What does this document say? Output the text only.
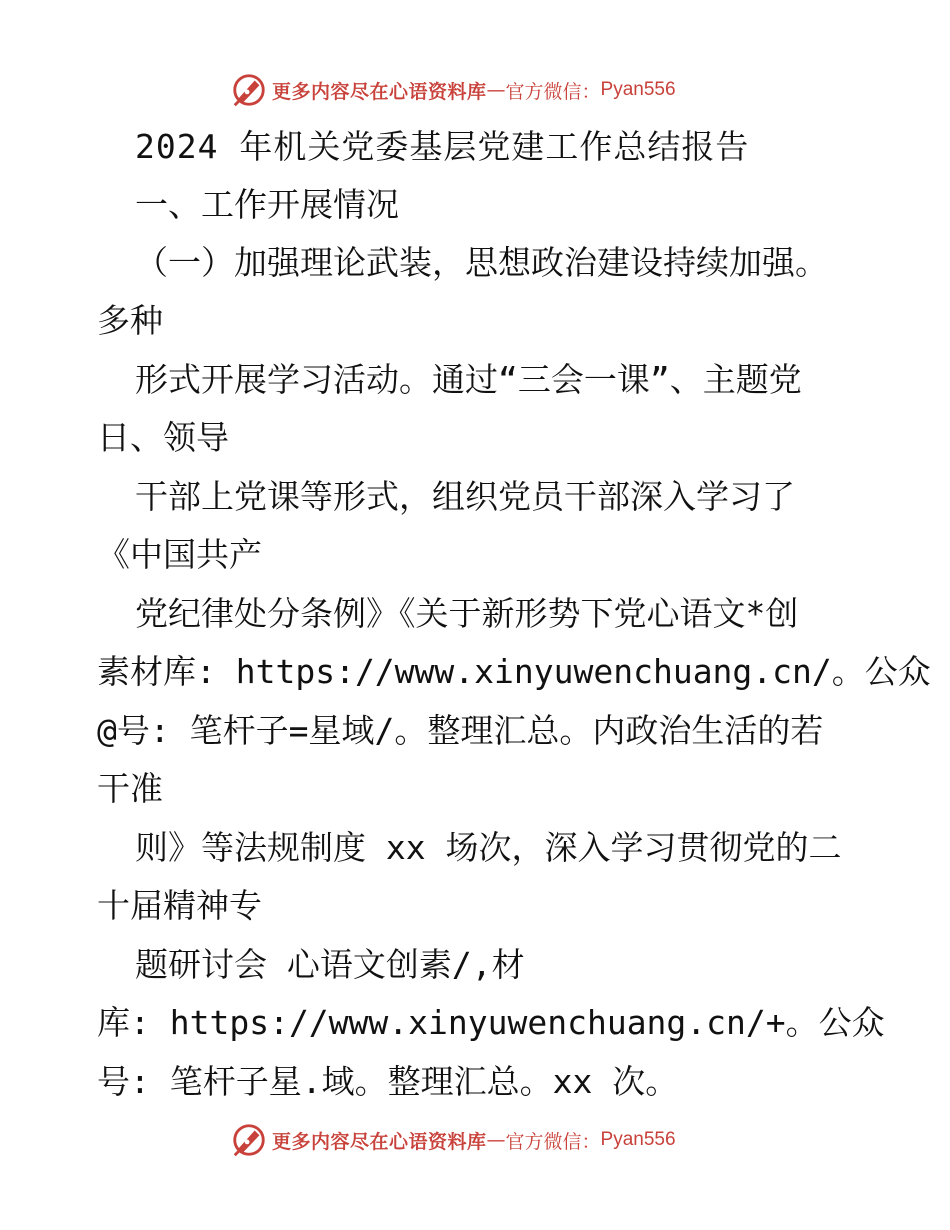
更多内容尽在心语资料库 — 官方微信： Pyan556
2024 年机关党委基层党建工作总结报告
一、工作开展情况
（一）加强理论武装，思想政治建设持续加强。
多种
形式开展学习活动。通过“三会一课”、主题党
日、领导
干部上党课等形式，组织党员干部深入学习了
《中国共产
党纪律处分条例》《关于新形势下党心语文*创
素材库: https://www.xinyuwenchuang.cn/。公众
@号: 笔杆子=星域/。整理汇总。内政治生活的若
干准
则》等法规制度 xx 场次，深入学习贯彻党的二
十届精神专
题研讨会 心语文创素/,材
库: https://www.xinyuwenchuang.cn/+。公众
号: 笔杆子星.域。整理汇总。xx 次。
更多内容尽在心语资料库 — 官方微信： Pyan556
